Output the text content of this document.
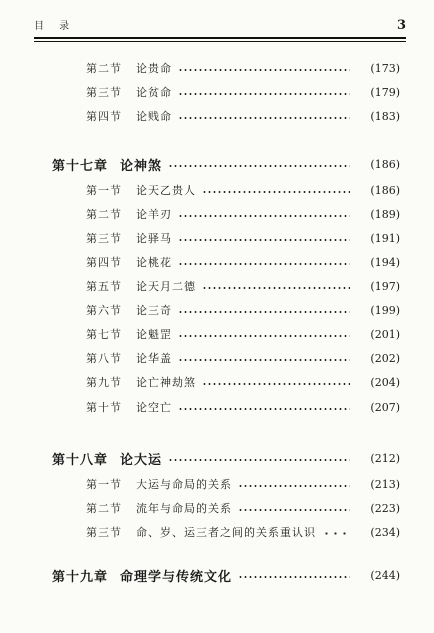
目 录	3
第二节	论贵命	(173)
第三节	论贫命	(179)
第四节	论贱命	(183)
第十七章 论神煞	(186)
第一节	论天乙贵人	(186)
第二节	论羊刃	(189)
第三节	论驿马	(191)
第四节	论桃花	(194)
第五节	论天月二德	(197)
第六节	论三奇	(199)
第七节	论魁罡	(201)
第八节	论华盖	(202)
第九节	论亡神劫煞	(204)
第十节	论空亡	(207)
第十八章 论大运	(212)
第一节	大运与命局的关系	(213)
第二节	流年与命局的关系	(223)
第三节	命、岁、运三者之间的关系重认识	(234)
第十九章 命理学与传统文化	(244)
